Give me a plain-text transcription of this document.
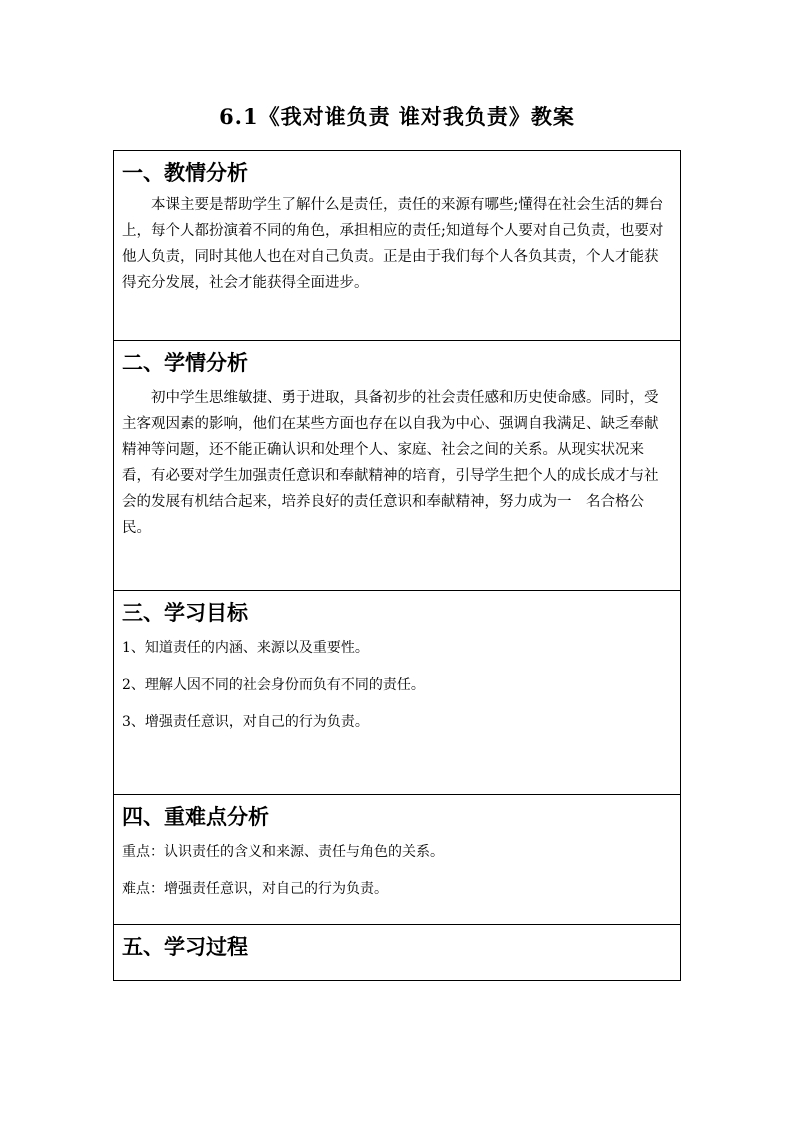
6.1《我对谁负责 谁对我负责》教案
一、教情分析

本课主要是帮助学生了解什么是责任，责任的来源有哪些;懂得在社会生活的舞台上，每个人都扮演着不同的角色，承担相应的责任;知道每个人要对自己负责，也要对他人负责，同时其他人也在对自己负责。正是由于我们每个人各负其责，个人才能获得充分发展，社会才能获得全面进步。

二、学情分析

初中学生思维敏捷、勇于进取，具备初步的社会责任感和历史使命感。同时，受主客观因素的影响，他们在某些方面也存在以自我为中心、强调自我满足、缺乏奉献精神等问题，还不能正确认识和处理个人、家庭、社会之间的关系。从现实状况来看，有必要对学生加强责任意识和奉献精神的培育，引导学生把个人的成长成才与社会的发展有机结合起来，培养良好的责任意识和奉献精神，努力成为一　名合格公民。

三、学习目标

1、知道责任的内涵、来源以及重要性。

2、理解人因不同的社会身份而负有不同的责任。

3、增强责任意识，对自己的行为负责。

四、重难点分析

重点：认识责任的含义和来源、责任与角色的关系。

难点：增强责任意识，对自己的行为负责。

五、学习过程
